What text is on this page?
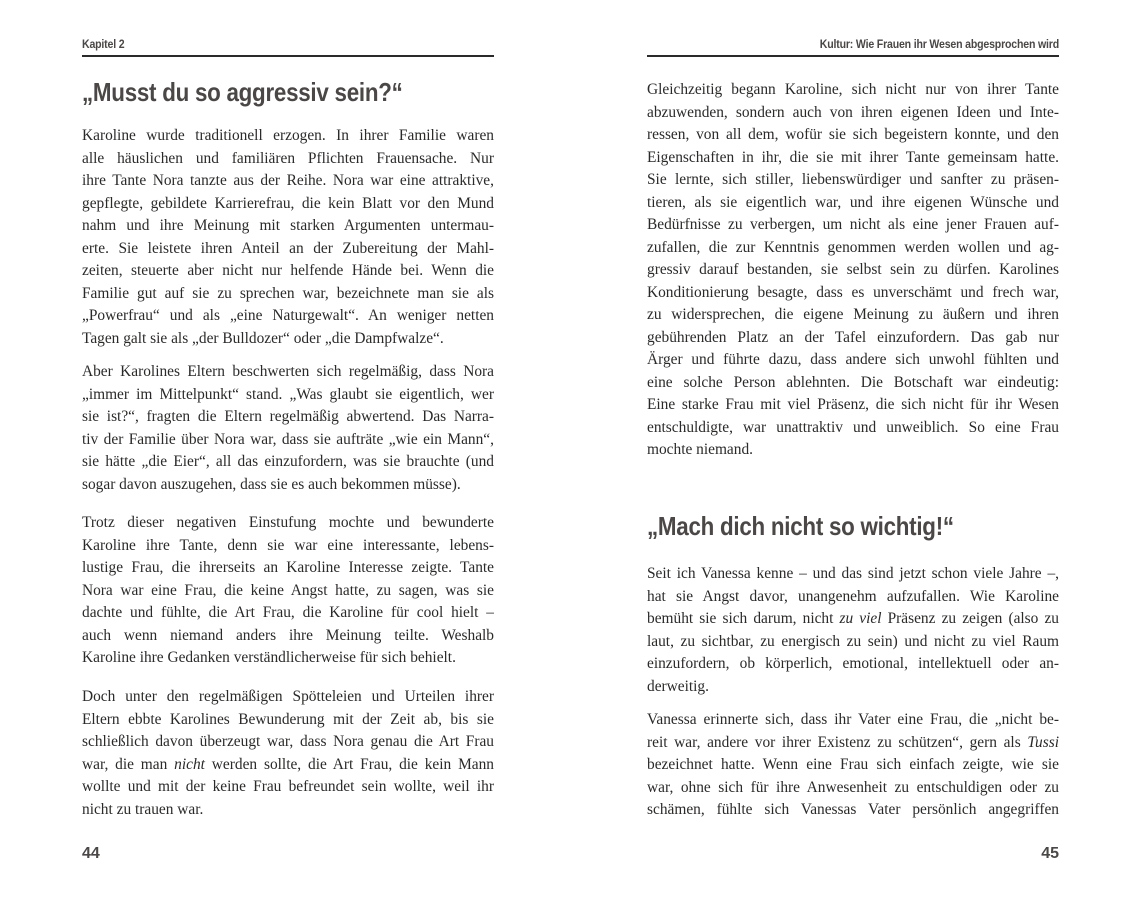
Kapitel 2
„Musst du so aggressiv sein?“
Karoline wurde traditionell erzogen. In ihrer Familie waren
alle häuslichen und familiären Pflichten Frauensache. Nur
ihre Tante Nora tanzte aus der Reihe. Nora war eine attraktive,
gepflegte, gebildete Karrierefrau, die kein Blatt vor den Mund
nahm und ihre Meinung mit starken Argumenten untermau-
erte. Sie leistete ihren Anteil an der Zubereitung der Mahl-
zeiten, steuerte aber nicht nur helfende Hände bei. Wenn die
Familie gut auf sie zu sprechen war, bezeichnete man sie als
„Powerfrau“ und als „eine Naturgewalt“. An weniger netten
Tagen galt sie als „der Bulldozer“ oder „die Dampfwalze“.
Aber Karolines Eltern beschwerten sich regelmäßig, dass Nora
„immer im Mittelpunkt“ stand. „Was glaubt sie eigentlich, wer
sie ist?“, fragten die Eltern regelmäßig abwertend. Das Narra-
tiv der Familie über Nora war, dass sie aufträte „wie ein Mann“,
sie hätte „die Eier“, all das einzufordern, was sie brauchte (und
sogar davon auszugehen, dass sie es auch bekommen müsse).
Trotz dieser negativen Einstufung mochte und bewunderte
Karoline ihre Tante, denn sie war eine interessante, lebens-
lustige Frau, die ihrerseits an Karoline Interesse zeigte. Tante
Nora war eine Frau, die keine Angst hatte, zu sagen, was sie
dachte und fühlte, die Art Frau, die Karoline für cool hielt –
auch wenn niemand anders ihre Meinung teilte. Weshalb
Karoline ihre Gedanken verständlicherweise für sich behielt.
Doch unter den regelmäßigen Spötteleien und Urteilen ihrer
Eltern ebbte Karolines Bewunderung mit der Zeit ab, bis sie
schließlich davon überzeugt war, dass Nora genau die Art Frau
war, die man nicht werden sollte, die Art Frau, die kein Mann
wollte und mit der keine Frau befreundet sein wollte, weil ihr
nicht zu trauen war.
44
Kultur: Wie Frauen ihr Wesen abgesprochen wird
Gleichzeitig begann Karoline, sich nicht nur von ihrer Tante
abzuwenden, sondern auch von ihren eigenen Ideen und Inte-
ressen, von all dem, wofür sie sich begeistern konnte, und den
Eigenschaften in ihr, die sie mit ihrer Tante gemeinsam hatte.
Sie lernte, sich stiller, liebenswürdiger und sanfter zu präsen-
tieren, als sie eigentlich war, und ihre eigenen Wünsche und
Bedürfnisse zu verbergen, um nicht als eine jener Frauen auf-
zufallen, die zur Kenntnis genommen werden wollen und ag-
gressiv darauf bestanden, sie selbst sein zu dürfen. Karolines
Konditionierung besagte, dass es unverschämt und frech war,
zu widersprechen, die eigene Meinung zu äußern und ihren
gebührenden Platz an der Tafel einzufordern. Das gab nur
Ärger und führte dazu, dass andere sich unwohl fühlten und
eine solche Person ablehnten. Die Botschaft war eindeutig:
Eine starke Frau mit viel Präsenz, die sich nicht für ihr Wesen
entschuldigte, war unattraktiv und unweiblich. So eine Frau
mochte niemand.
„Mach dich nicht so wichtig!“
Seit ich Vanessa kenne – und das sind jetzt schon viele Jahre –,
hat sie Angst davor, unangenehm aufzufallen. Wie Karoline
bemüht sie sich darum, nicht zu viel Präsenz zu zeigen (also zu
laut, zu sichtbar, zu energisch zu sein) und nicht zu viel Raum
einzufordern, ob körperlich, emotional, intellektuell oder an-
derweitig.
Vanessa erinnerte sich, dass ihr Vater eine Frau, die „nicht be-
reit war, andere vor ihrer Existenz zu schützen“, gern als Tussi
bezeichnet hatte. Wenn eine Frau sich einfach zeigte, wie sie
war, ohne sich für ihre Anwesenheit zu entschuldigen oder zu
schämen, fühlte sich Vanessas Vater persönlich angegriffen
45
